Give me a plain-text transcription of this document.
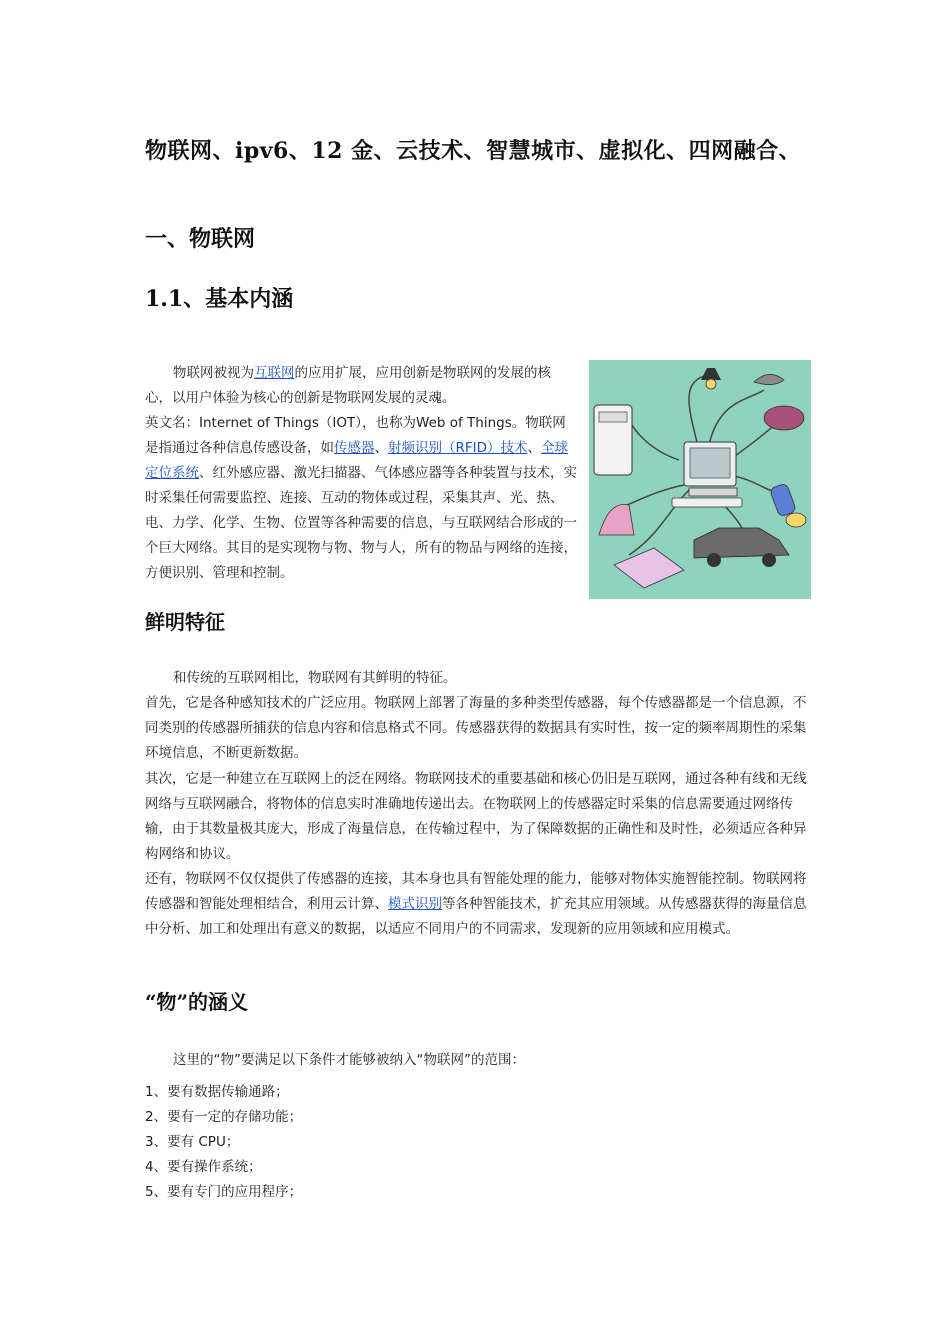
物联网、ipv6、12 金、云技术、智慧城市、虚拟化、四网融合、
一、物联网
1.1、基本内涵
物联网被视为互联网的应用扩展，应用创新是物联网的发展的核心，以用户体验为核心的创新是物联网发展的灵魂。
英文名：Internet of Things（IOT），也称为Web of Things。物联网是指通过各种信息传感设备，如传感器、射频识别（RFID）技术、全球定位系统、红外感应器、激光扫描器、气体感应器等各种装置与技术，实时采集任何需要监控、连接、互动的物体或过程，采集其声、光、热、电、力学、化学、生物、位置等各种需要的信息，与互联网结合形成的一个巨大网络。其目的是实现物与物、物与人，所有的物品与网络的连接，方便识别、管理和控制。
鲜明特征
和传统的互联网相比，物联网有其鲜明的特征。
首先，它是各种感知技术的广泛应用。物联网上部署了海量的多种类型传感器，每个传感器都是一个信息源，不同类别的传感器所捕获的信息内容和信息格式不同。传感器获得的数据具有实时性，按一定的频率周期性的采集环境信息，不断更新数据。
其次，它是一种建立在互联网上的泛在网络。物联网技术的重要基础和核心仍旧是互联网，通过各种有线和无线网络与互联网融合，将物体的信息实时准确地传递出去。在物联网上的传感器定时采集的信息需要通过网络传输，由于其数量极其庞大，形成了海量信息，在传输过程中，为了保障数据的正确性和及时性，必须适应各种异构网络和协议。
还有，物联网不仅仅提供了传感器的连接，其本身也具有智能处理的能力，能够对物体实施智能控制。物联网将传感器和智能处理相结合，利用云计算、模式识别等各种智能技术，扩充其应用领域。从传感器获得的海量信息中分析、加工和处理出有意义的数据，以适应不同用户的不同需求，发现新的应用领域和应用模式。
“物”的涵义
这里的“物”要满足以下条件才能够被纳入“物联网”的范围：
1、要有数据传输通路；
2、要有一定的存储功能；
3、要有 CPU；
4、要有操作系统；
5、要有专门的应用程序；
